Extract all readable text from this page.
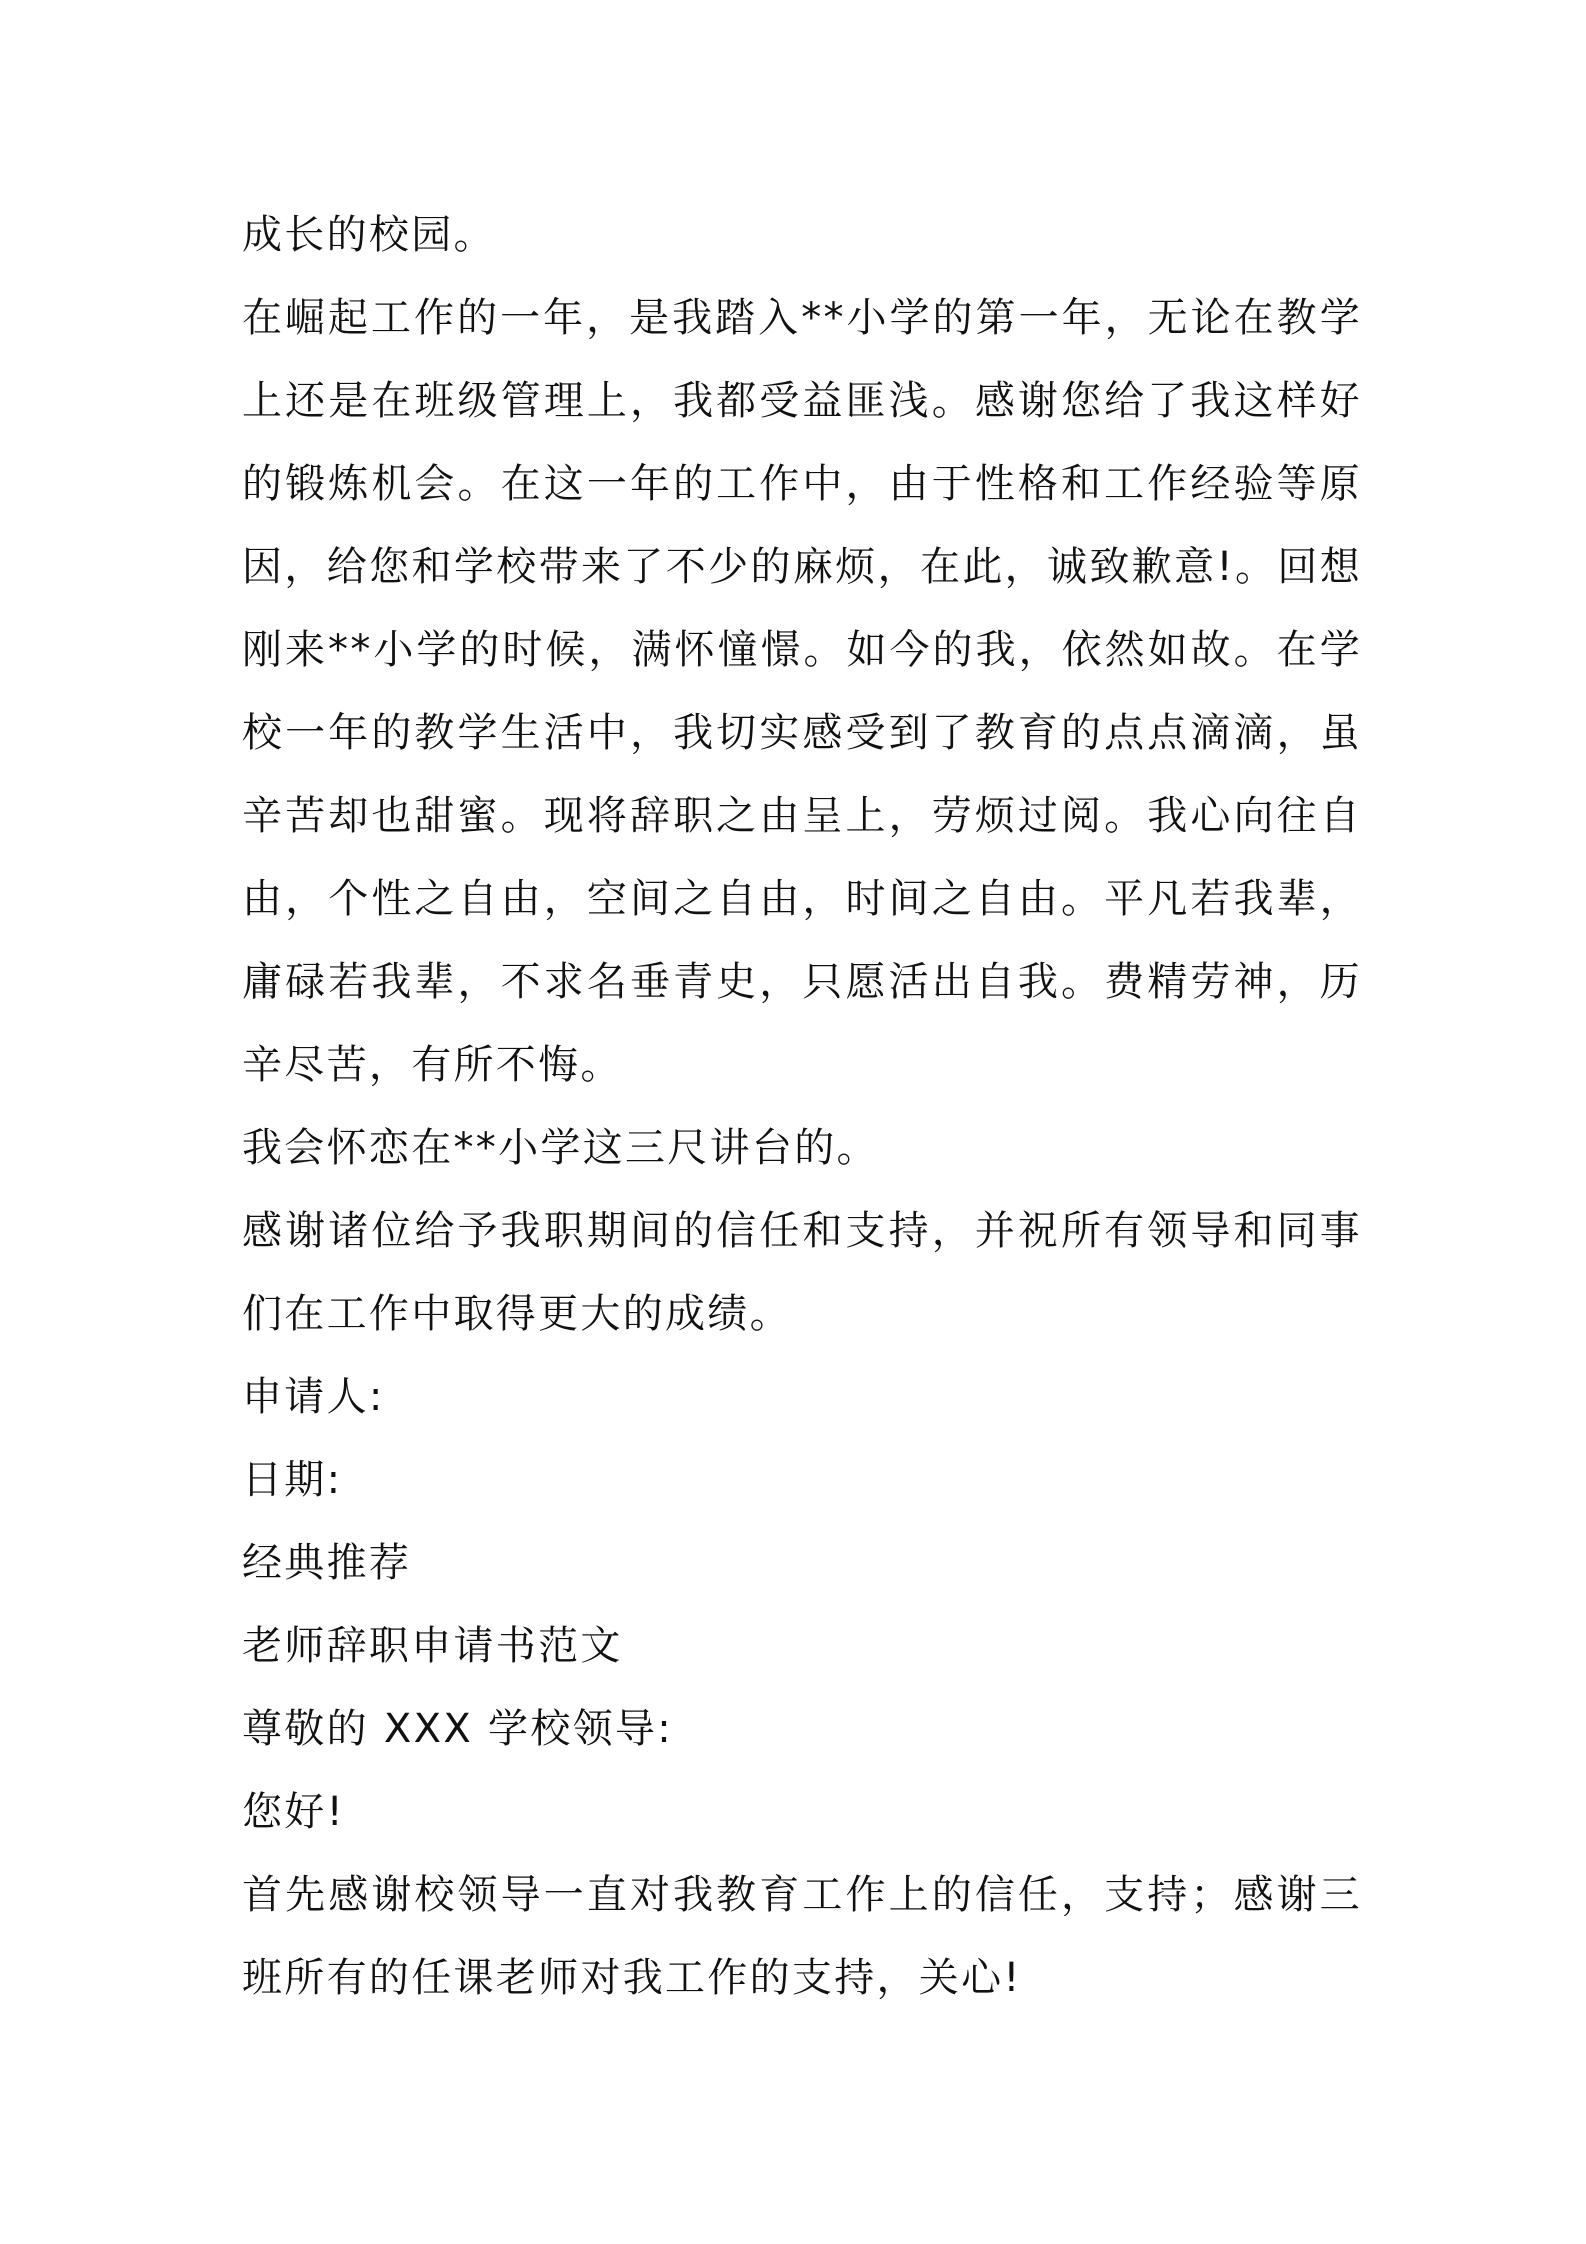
成长的校园。

在崛起工作的一年，是我踏入**小学的第一年，无论在教学上还是在班级管理上，我都受益匪浅。感谢您给了我这样好的锻炼机会。在这一年的工作中，由于性格和工作经验等原因，给您和学校带来了不少的麻烦，在此，诚致歉意!。回想刚来**小学的时候，满怀憧憬。如今的我，依然如故。在学校一年的教学生活中，我切实感受到了教育的点点滴滴，虽辛苦却也甜蜜。现将辞职之由呈上，劳烦过阅。我心向往自由，个性之自由，空间之自由，时间之自由。平凡若我辈，庸碌若我辈，不求名垂青史，只愿活出自我。费精劳神，历辛尽苦，有所不悔。

我会怀恋在**小学这三尺讲台的。

感谢诸位给予我职期间的信任和支持，并祝所有领导和同事们在工作中取得更大的成绩。

申请人:

日期:

经典推荐

老师辞职申请书范文

尊敬的 XXX 学校领导:

您好!

首先感谢校领导一直对我教育工作上的信任，支持；感谢三班所有的任课老师对我工作的支持，关心!
